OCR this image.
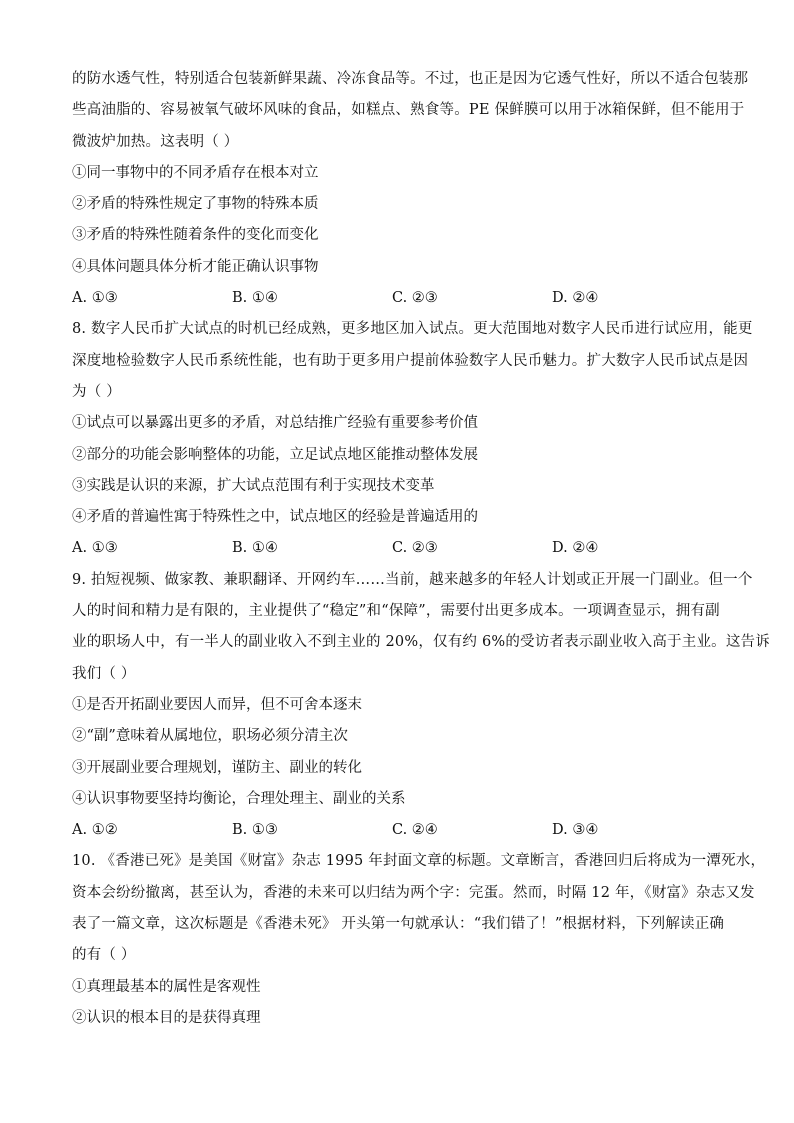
的防水透气性，特别适合包装新鲜果蔬、冷冻食品等。不过，也正是因为它透气性好，所以不适合包装那
些高油脂的、容易被氧气破坏风味的食品，如糕点、熟食等。PE 保鲜膜可以用于冰箱保鲜，但不能用于
微波炉加热。这表明（ ）

①同一事物中的不同矛盾存在根本对立

②矛盾的特殊性规定了事物的特殊本质

③矛盾的特殊性随着条件的变化而变化

④具体问题具体分析才能正确认识事物

A. ①③	B. ①④	C. ②③	D. ②④

8. 数字人民币扩大试点的时机已经成熟，更多地区加入试点。更大范围地对数字人民币进行试应用，能更
深度地检验数字人民币系统性能，也有助于更多用户提前体验数字人民币魅力。扩大数字人民币试点是因
为（ ）

①试点可以暴露出更多的矛盾，对总结推广经验有重要参考价值

②部分的功能会影响整体的功能，立足试点地区能推动整体发展

③实践是认识的来源，扩大试点范围有利于实现技术变革

④矛盾的普遍性寓于特殊性之中，试点地区的经验是普遍适用的

A. ①③	B. ①④	C. ②③	D. ②④

9. 拍短视频、做家教、兼职翻译、开网约车……当前，越来越多的年轻人计划或正开展一门副业。但一个
人的时间和精力是有限的，主业提供了“稳定”和“保障”，需要付出更多成本。一项调查显示，拥有副
业的职场人中，有一半人的副业收入不到主业的 20%，仅有约 6%的受访者表示副业收入高于主业。这告诉
我们（ ）

①是否开拓副业要因人而异，但不可舍本逐末

②“副”意味着从属地位，职场必须分清主次

③开展副业要合理规划，谨防主、副业的转化

④认识事物要坚持均衡论，合理处理主、副业的关系

A. ①②	B. ①③	C. ②④	D. ③④

10. 《香港已死》是美国《财富》杂志 1995 年封面文章的标题。文章断言，香港回归后将成为一潭死水，
资本会纷纷撤离，甚至认为，香港的未来可以归结为两个字：完蛋。然而，时隔 12 年，《财富》杂志又发
表了一篇文章，这次标题是《香港未死》 开头第一句就承认：“我们错了！”根据材料，下列解读正确
的有（ ）

①真理最基本的属性是客观性

②认识的根本目的是获得真理
